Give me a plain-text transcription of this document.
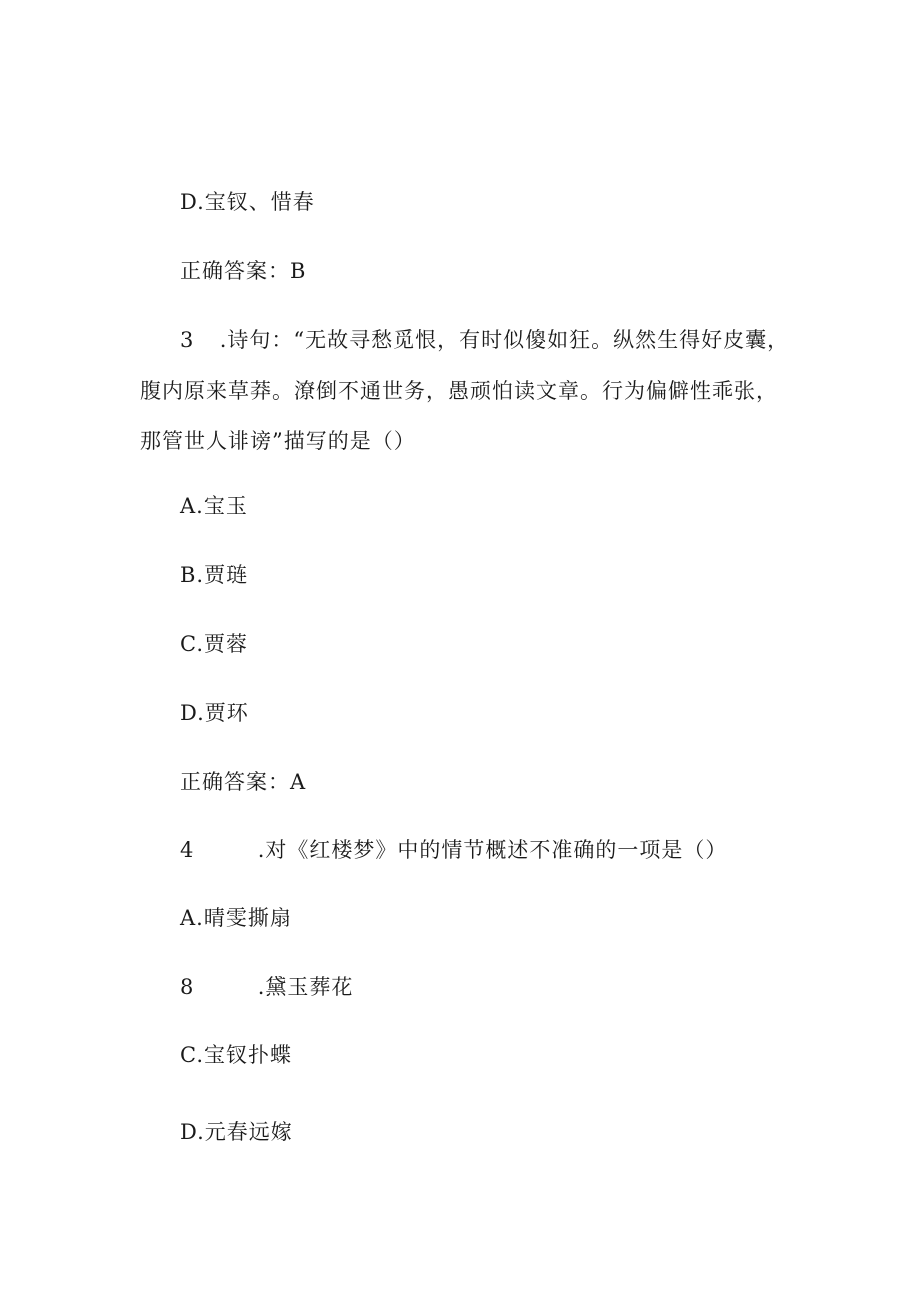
D.宝钗、惜春
正确答案：B
3 .诗句：“无故寻愁觅恨，有时似傻如狂。纵然生得好皮囊，
腹内原来草莽。潦倒不通世务，愚顽怕读文章。行为偏僻性乖张，
那管世人诽谤”描写的是（）
A.宝玉
B.贾琏
C.贾蓉
D.贾环
正确答案：A
4	.对《红楼梦》中的情节概述不准确的一项是（）
A.晴雯撕扇
8	.黛玉葬花
C.宝钗扑蝶
D.元春远嫁
